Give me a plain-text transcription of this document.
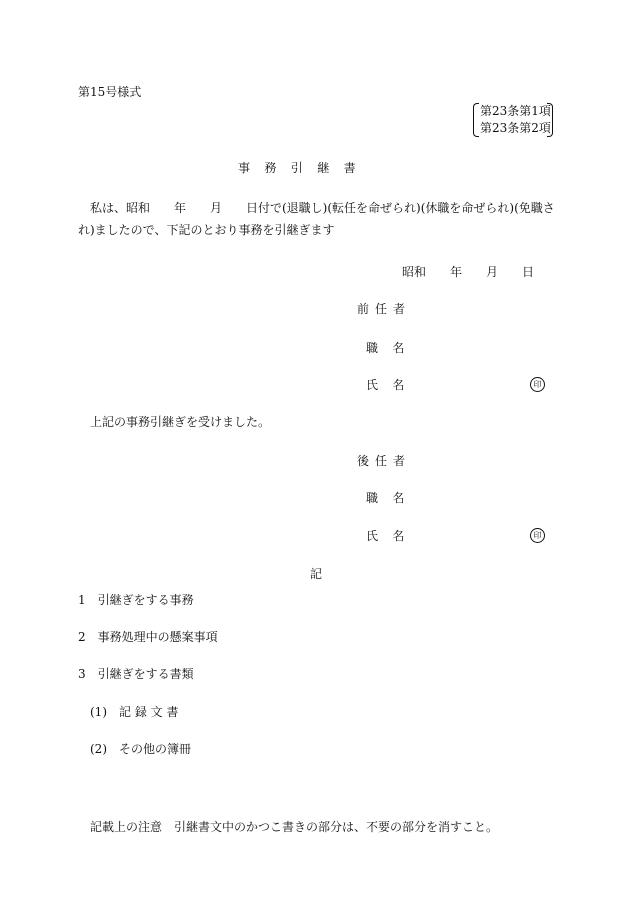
第15号様式
第23条第1項
第23条第2項
事務引継書
私は、昭和　　年　　月　　日付で(退職し)(転任を命ぜられ)(休職を命ぜられ)(免職さ
れ)ましたので、下記のとおり事務を引継ぎます
昭和　　年　　月　　日
前任者
職名
氏名	印
上記の事務引継ぎを受けました。
後任者
職名
氏名	印
記
1　引継ぎをする事務
2　事務処理中の懸案事項
3　引継ぎをする書類
(1)　記 録 文 書
(2)　その他の簿冊
記載上の注意　引継書文中のかつこ書きの部分は、不要の部分を消すこと。
